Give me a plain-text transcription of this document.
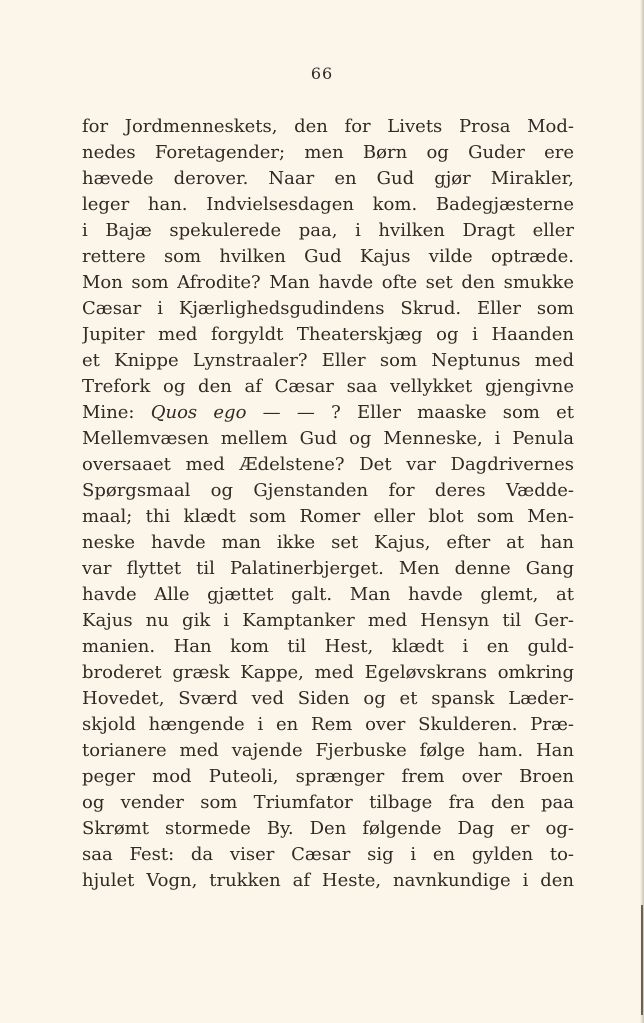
66
for Jordmenneskets, den for Livets Prosa Mod-
nedes Foretagender; men Børn og Guder ere
hævede derover. Naar en Gud gjør Mirakler,
leger han. Indvielsesdagen kom. Badegjæsterne
i Bajæ spekulerede paa, i hvilken Dragt eller
rettere som hvilken Gud Kajus vilde optræde.
Mon som Afrodite? Man havde ofte set den smukke
Cæsar i Kjærlighedsgudindens Skrud. Eller som
Jupiter med forgyldt Theaterskjæg og i Haanden
et Knippe Lynstraaler? Eller som Neptunus med
Trefork og den af Cæsar saa vellykket gjengivne
Mine: Quos ego — — ? Eller maaske som et
Mellemvæsen mellem Gud og Menneske, i Penula
oversaaet med Ædelstene? Det var Dagdrivernes
Spørgsmaal og Gjenstanden for deres Vædde-
maal; thi klædt som Romer eller blot som Men-
neske havde man ikke set Kajus, efter at han
var flyttet til Palatinerbjerget. Men denne Gang
havde Alle gjættet galt. Man havde glemt, at
Kajus nu gik i Kamptanker med Hensyn til Ger-
manien. Han kom til Hest, klædt i en guld-
broderet græsk Kappe, med Egeløvskrans omkring
Hovedet, Sværd ved Siden og et spansk Læder-
skjold hængende i en Rem over Skulderen. Præ-
torianere med vajende Fjerbuske følge ham. Han
peger mod Puteoli, sprænger frem over Broen
og vender som Triumfator tilbage fra den paa
Skrømt stormede By. Den følgende Dag er og-
saa Fest: da viser Cæsar sig i en gylden to-
hjulet Vogn, trukken af Heste, navnkundige i den
